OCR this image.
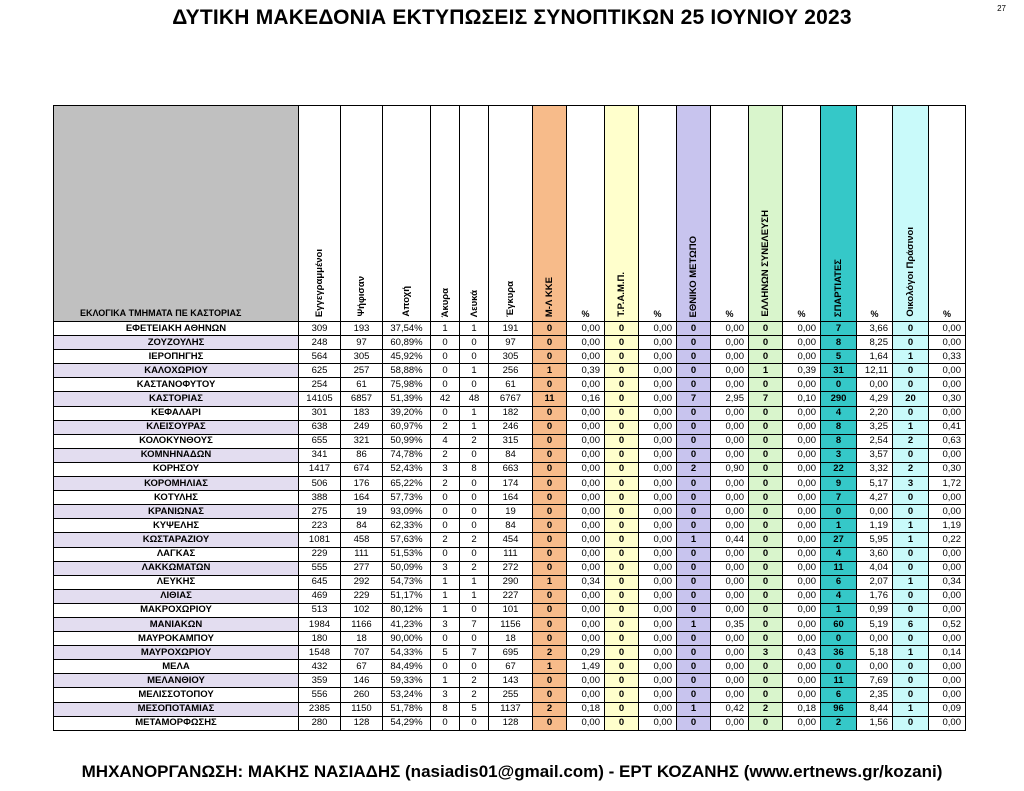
ΔΥΤΙΚΗ ΜΑΚΕΔΟΝΙΑ ΕΚΤΥΠΩΣΕΙΣ ΣΥΝΟΠΤΙΚΩΝ 25 ΙΟΥΝΙΟΥ 2023	27
ΕΚΛΟΓΙΚΑ ΤΜΗΜΑΤΑ ΠΕ ΚΑΣΤΟΡΙΑΣ	Εγγεγραμμένοι	Ψήφισαν	Αποχή	Άκυρα	Λευκά	Έγκυρα	Μ-Λ ΚΚΕ	%	Τ.Ρ.Α.Μ.Π.	%	ΕΘΝΙΚΟ ΜΕΤΩΠΟ	%	ΕΛΛΗΝΩΝ ΣΥΝΕΛΕΥΣΗ	%	ΣΠΑΡΤΙΑΤΕΣ	%	Οικολόγοι Πράσινοι	%
ΕΦΕΤΕΙΑΚΗ ΑΘΗΝΩΝ	309	193	37,54%	1	1	191	0	0,00	0	0,00	0	0,00	0	0,00	7	3,66	0	0,00
ΖΟΥΖΟΥΛΗΣ	248	97	60,89%	0	0	97	0	0,00	0	0,00	0	0,00	0	0,00	8	8,25	0	0,00
ΙΕΡΟΠΗΓΗΣ	564	305	45,92%	0	0	305	0	0,00	0	0,00	0	0,00	0	0,00	5	1,64	1	0,33
ΚΑΛΟΧΩΡΙΟΥ	625	257	58,88%	0	1	256	1	0,39	0	0,00	0	0,00	1	0,39	31	12,11	0	0,00
ΚΑΣΤΑΝΟΦΥΤΟΥ	254	61	75,98%	0	0	61	0	0,00	0	0,00	0	0,00	0	0,00	0	0,00	0	0,00
ΚΑΣΤΟΡΙΑΣ	14105	6857	51,39%	42	48	6767	11	0,16	0	0,00	7	2,95	7	0,10	290	4,29	20	0,30
ΚΕΦΑΛΑΡΙ	301	183	39,20%	0	1	182	0	0,00	0	0,00	0	0,00	0	0,00	4	2,20	0	0,00
ΚΛΕΙΣΟΥΡΑΣ	638	249	60,97%	2	1	246	0	0,00	0	0,00	0	0,00	0	0,00	8	3,25	1	0,41
ΚΟΛΟΚΥΝΘΟΥΣ	655	321	50,99%	4	2	315	0	0,00	0	0,00	0	0,00	0	0,00	8	2,54	2	0,63
ΚΟΜΝΗΝΑΔΩΝ	341	86	74,78%	2	0	84	0	0,00	0	0,00	0	0,00	0	0,00	3	3,57	0	0,00
ΚΟΡΗΣΟΥ	1417	674	52,43%	3	8	663	0	0,00	0	0,00	2	0,90	0	0,00	22	3,32	2	0,30
ΚΟΡΟΜΗΛΙΑΣ	506	176	65,22%	2	0	174	0	0,00	0	0,00	0	0,00	0	0,00	9	5,17	3	1,72
ΚΟΤΥΛΗΣ	388	164	57,73%	0	0	164	0	0,00	0	0,00	0	0,00	0	0,00	7	4,27	0	0,00
ΚΡΑΝΙΩΝΑΣ	275	19	93,09%	0	0	19	0	0,00	0	0,00	0	0,00	0	0,00	0	0,00	0	0,00
ΚΥΨΕΛΗΣ	223	84	62,33%	0	0	84	0	0,00	0	0,00	0	0,00	0	0,00	1	1,19	1	1,19
ΚΩΣΤΑΡΑΖΙΟΥ	1081	458	57,63%	2	2	454	0	0,00	0	0,00	1	0,44	0	0,00	27	5,95	1	0,22
ΛΑΓΚΑΣ	229	111	51,53%	0	0	111	0	0,00	0	0,00	0	0,00	0	0,00	4	3,60	0	0,00
ΛΑΚΚΩΜΑΤΩΝ	555	277	50,09%	3	2	272	0	0,00	0	0,00	0	0,00	0	0,00	11	4,04	0	0,00
ΛΕΥΚΗΣ	645	292	54,73%	1	1	290	1	0,34	0	0,00	0	0,00	0	0,00	6	2,07	1	0,34
ΛΙΘΙΑΣ	469	229	51,17%	1	1	227	0	0,00	0	0,00	0	0,00	0	0,00	4	1,76	0	0,00
ΜΑΚΡΟΧΩΡΙΟΥ	513	102	80,12%	1	0	101	0	0,00	0	0,00	0	0,00	0	0,00	1	0,99	0	0,00
ΜΑΝΙΑΚΩΝ	1984	1166	41,23%	3	7	1156	0	0,00	0	0,00	1	0,35	0	0,00	60	5,19	6	0,52
ΜΑΥΡΟΚΑΜΠΟΥ	180	18	90,00%	0	0	18	0	0,00	0	0,00	0	0,00	0	0,00	0	0,00	0	0,00
ΜΑΥΡΟΧΩΡΙΟΥ	1548	707	54,33%	5	7	695	2	0,29	0	0,00	0	0,00	3	0,43	36	5,18	1	0,14
ΜΕΛΑ	432	67	84,49%	0	0	67	1	1,49	0	0,00	0	0,00	0	0,00	0	0,00	0	0,00
ΜΕΛΑΝΘΙΟΥ	359	146	59,33%	1	2	143	0	0,00	0	0,00	0	0,00	0	0,00	11	7,69	0	0,00
ΜΕΛΙΣΣΟΤΟΠΟΥ	556	260	53,24%	3	2	255	0	0,00	0	0,00	0	0,00	0	0,00	6	2,35	0	0,00
ΜΕΣΟΠΟΤΑΜΙΑΣ	2385	1150	51,78%	8	5	1137	2	0,18	0	0,00	1	0,42	2	0,18	96	8,44	1	0,09
ΜΕΤΑΜΟΡΦΩΣΗΣ	280	128	54,29%	0	0	128	0	0,00	0	0,00	0	0,00	0	0,00	2	1,56	0	0,00
ΜΗΧΑΝΟΡΓΑΝΩΣΗ: ΜΑΚΗΣ ΝΑΣΙΑΔΗΣ (nasiadis01@gmail.com) - ΕΡΤ ΚΟΖΑΝΗΣ (www.ertnews.gr/kozani)
